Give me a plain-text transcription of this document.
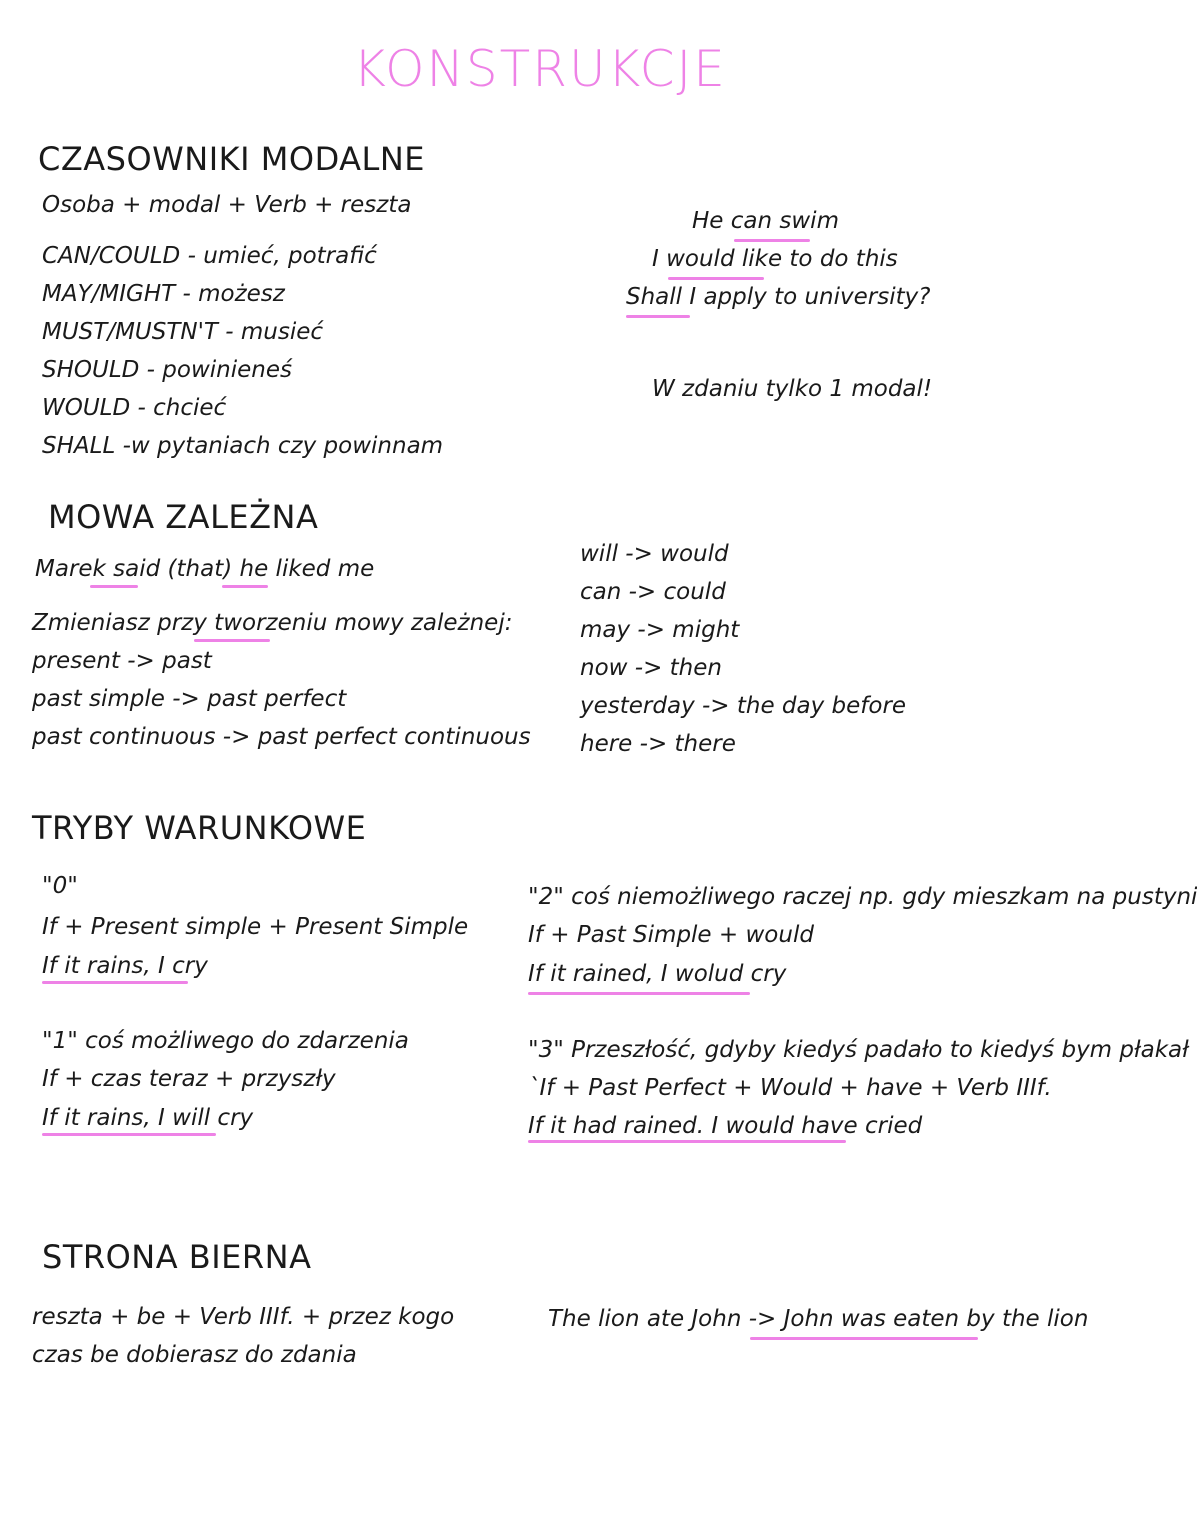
KONSTRUKCJE
CZASOWNIKI MODALNE
Osoba + modal + Verb + reszta
CAN/COULD - umieć, potrafić
MAY/MIGHT - możesz
MUST/MUSTN'T - musieć
SHOULD - powinieneś
WOULD - chcieć
SHALL -w pytaniach czy powinnam
He can swim
I would like to do this
Shall I apply to university?
W zdaniu tylko 1 modal!
MOWA ZALEŻNA
Marek said (that) he liked me
Zmieniasz przy tworzeniu mowy zależnej:
present -> past
past simple -> past perfect
past continuous -> past perfect continuous
will -> would
can -> could
may -> might
now -> then
yesterday -> the day before
here -> there
TRYBY WARUNKOWE
"0"
If + Present simple + Present Simple
If it rains, I cry
"1" coś możliwego do zdarzenia
If + czas teraz + przyszły
If it rains, I will cry
"2" coś niemożliwego raczej np. gdy mieszkam na pustyni
If + Past Simple + would
If it rained, I wolud cry
"3" Przeszłość, gdyby kiedyś padało to kiedyś bym płakał
`If + Past Perfect + Would + have + Verb IIIf.
If it had rained. I would have cried
STRONA BIERNA
reszta + be + Verb IIIf. + przez kogo
czas be dobierasz do zdania
The lion ate John -> John was eaten by the lion
